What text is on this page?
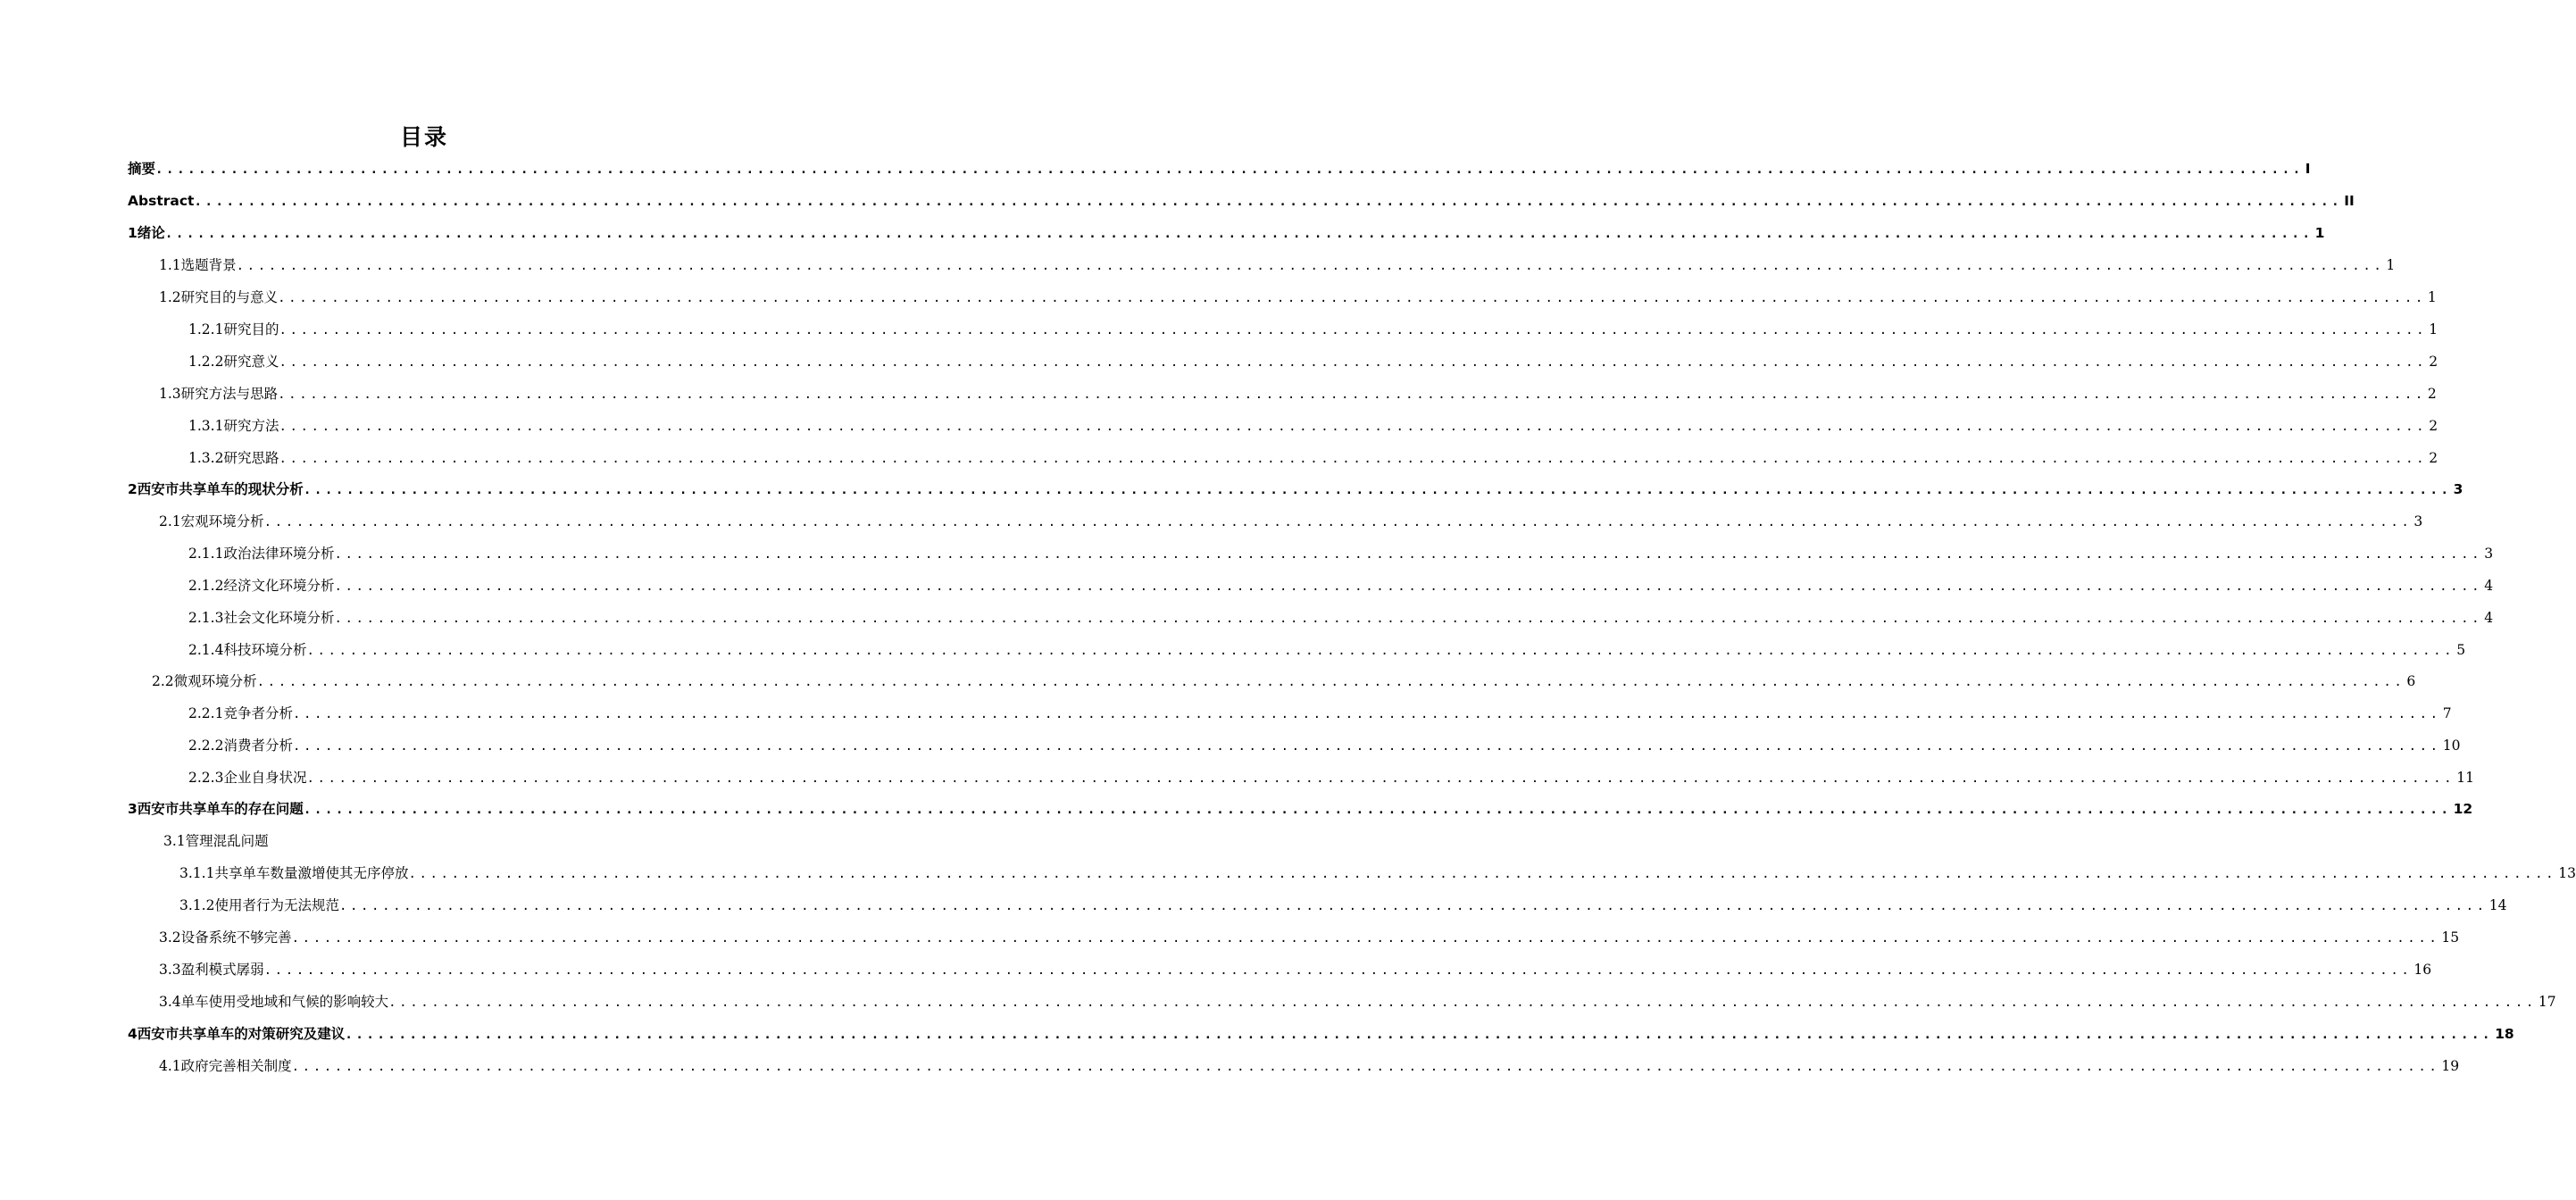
目录
摘要 ........................................................................................................................................................................................................ I
Abstract ........................................................................................................................................................................................................ II
1 绪论 ........................................................................................................................................................................................................ 1
1.1选题背景 ........................................................................................................................................................................................................ 1
1.2研究目的与意义 ........................................................................................................................................................................................................ 1
1.2.1研究目的 ........................................................................................................................................................................................................ 1
1.2.2研究意义 ........................................................................................................................................................................................................ 2
1.3研究方法与思路 ........................................................................................................................................................................................................ 2
1.3.1研究方法 ........................................................................................................................................................................................................ 2
1.3.2研究思路 ........................................................................................................................................................................................................ 2
2 西安市共享单车的现状分析 ........................................................................................................................................................................................................ 3
2.1宏观环境分析 ........................................................................................................................................................................................................ 3
2.1.1政治法律环境分析 ........................................................................................................................................................................................................ 3
2.1.2经济文化环境分析 ........................................................................................................................................................................................................ 4
2.1.3社会文化环境分析 ........................................................................................................................................................................................................ 4
2.1.4科技环境分析 ........................................................................................................................................................................................................ 5
2.2微观环境分析 ........................................................................................................................................................................................................ 6
2.2.1竞争者分析 ........................................................................................................................................................................................................ 7
2.2.2消费者分析 ........................................................................................................................................................................................................ 10
2.2.3企业自身状况 ........................................................................................................................................................................................................ 11
3 西安市共享单车的存在问题 ........................................................................................................................................................................................................ 12
3.1管理混乱问题
3.1.1共享单车数量激增使其无序停放 ........................................................................................................................................................................................................ 13
3.1.2使用者行为无法规范 ........................................................................................................................................................................................................ 14
3.2设备系统不够完善 ........................................................................................................................................................................................................ 15
3.3盈利模式孱弱 ........................................................................................................................................................................................................ 16
3.4单车使用受地域和气候的影响较大 ........................................................................................................................................................................................................ 17
4 西安市共享单车的对策研究及建议 ........................................................................................................................................................................................................ 18
4.1政府完善相关制度 ........................................................................................................................................................................................................ 19
